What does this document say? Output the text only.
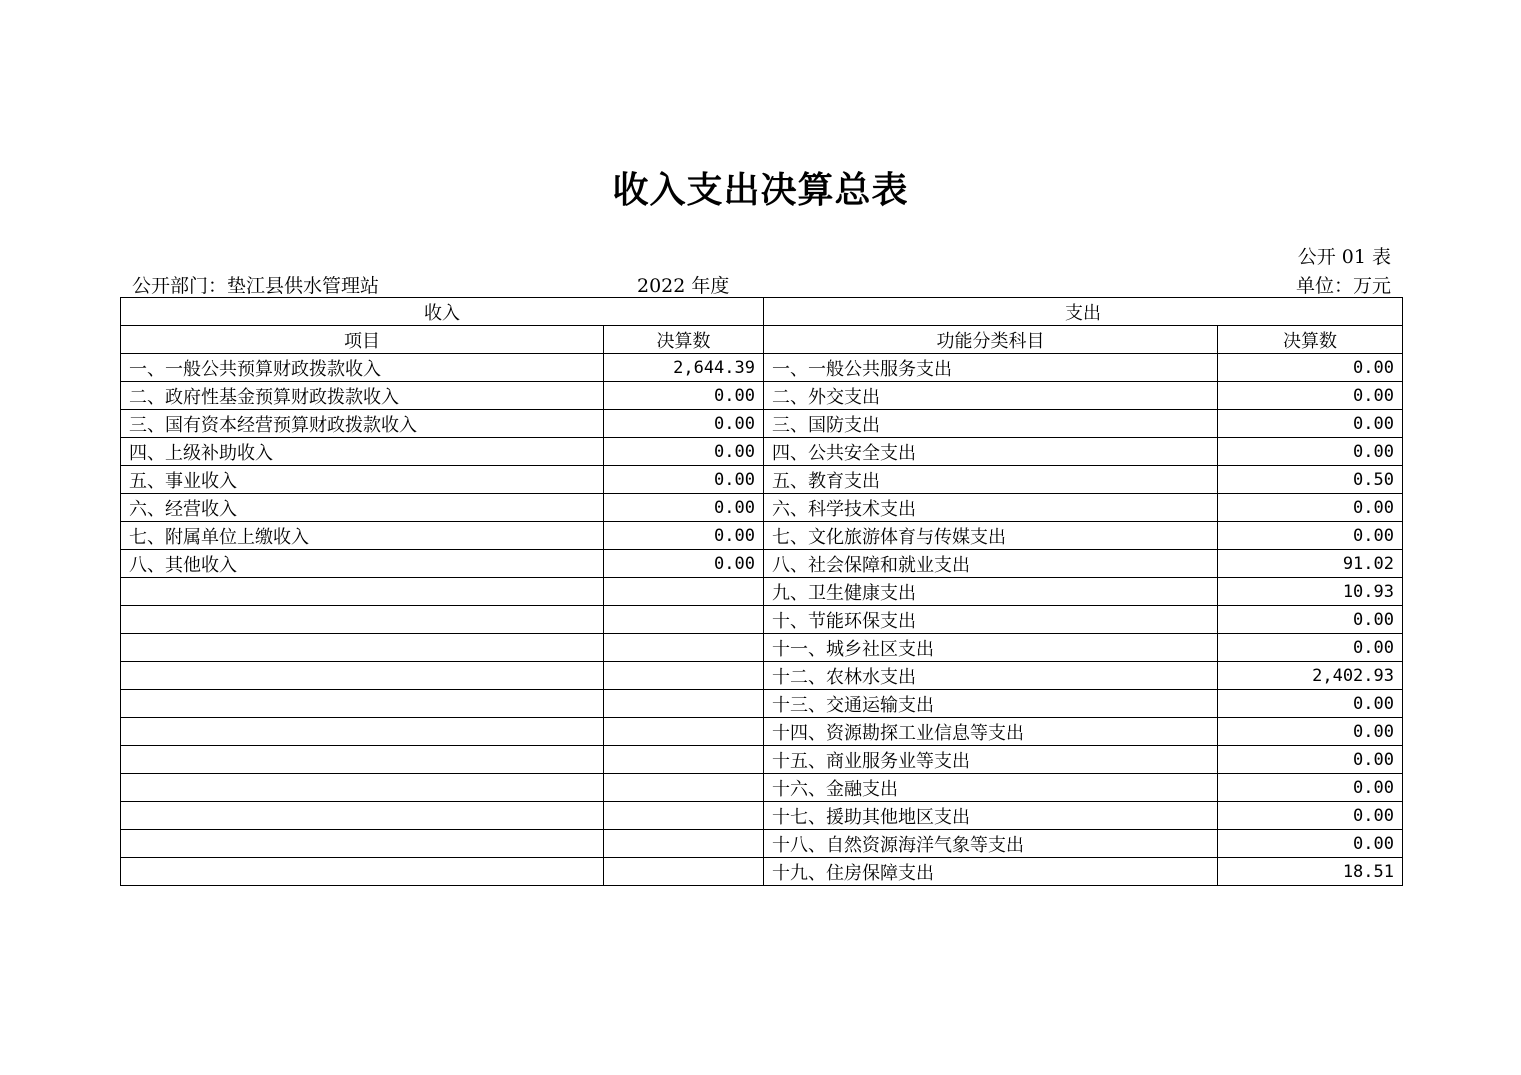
收入支出决算总表
公开 01 表
公开部门：垫江县供水管理站	2022 年度	单位：万元
收入		支出	
项目	决算数	功能分类科目	决算数
一、一般公共预算财政拨款收入	2,644.39	一、一般公共服务支出	0.00
二、政府性基金预算财政拨款收入	0.00	二、外交支出	0.00
三、国有资本经营预算财政拨款收入	0.00	三、国防支出	0.00
四、上级补助收入	0.00	四、公共安全支出	0.00
五、事业收入	0.00	五、教育支出	0.50
六、经营收入	0.00	六、科学技术支出	0.00
七、附属单位上缴收入	0.00	七、文化旅游体育与传媒支出	0.00
八、其他收入	0.00	八、社会保障和就业支出	91.02
		九、卫生健康支出	10.93
		十、节能环保支出	0.00
		十一、城乡社区支出	0.00
		十二、农林水支出	2,402.93
		十三、交通运输支出	0.00
		十四、资源勘探工业信息等支出	0.00
		十五、商业服务业等支出	0.00
		十六、金融支出	0.00
		十七、援助其他地区支出	0.00
		十八、自然资源海洋气象等支出	0.00
		十九、住房保障支出	18.51
